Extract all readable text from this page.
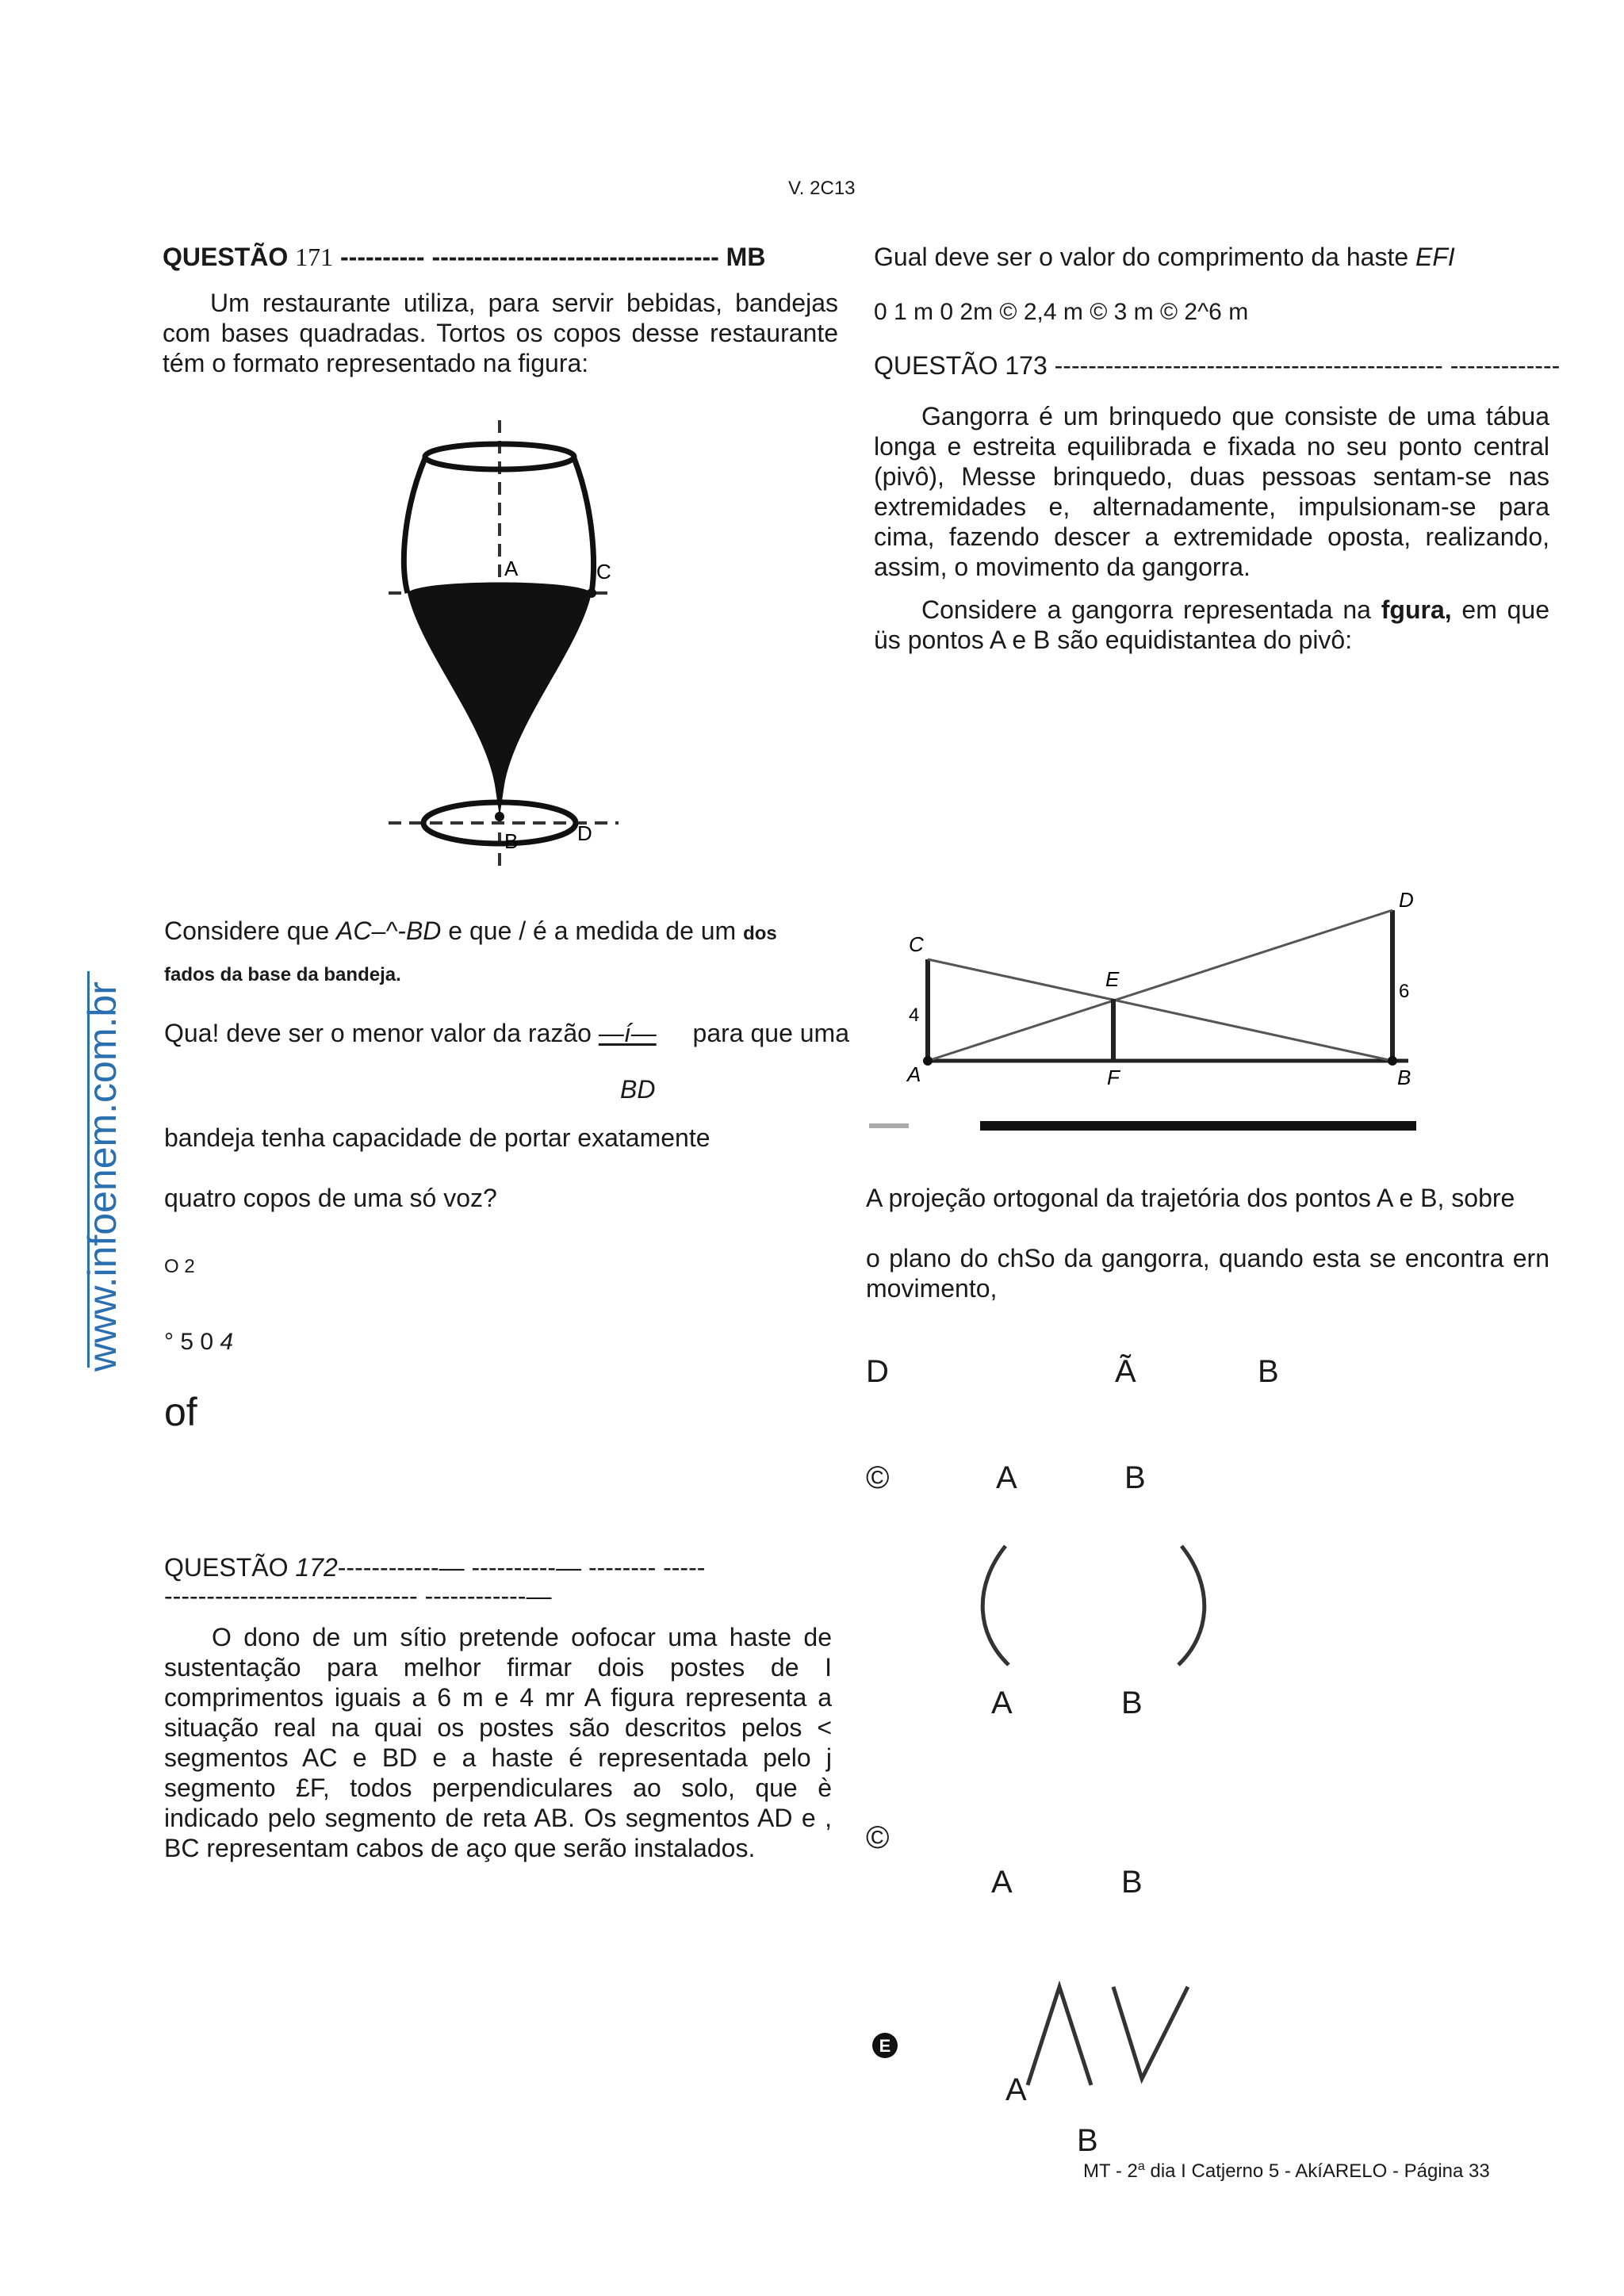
V. 2C13
www.infoenem.com.br
QUESTÃO 171 ---------- ---------------------------------- MB

Um restaurante utiliza, para servir bebidas, bandejas com bases quadradas. Tortos os copos desse restaurante tém o formato representado na figura:

A	C
B	D
Considere que AC–^-BD e que / é a medida de um dos
fados da base da bandeja.
Qua! deve ser o menor valor da razão —í— para que uma
BD
bandeja tenha capacidade de portar exatamente
quatro copos de uma só voz?
O 2
° 5 0 4
of
QUESTÃO 172------------— ----------— -------- -----
------------------------------ ------------—

O dono de um sítio pretende oofocar uma haste de sustentação para melhor firmar dois postes de I comprimentos iguais a 6 m e 4 mr A figura representa a situação real na quai os postes são descritos pelos < segmentos AC e BD e a haste é representada pelo j segmento £F, todos perpendiculares ao solo, que è indicado pelo segmento de reta AB. Os segmentos AD e , BC representam cabos de aço que serão instalados.

Gual deve ser o valor do comprimento da haste EFI
0 1 m 0 2m © 2,4 m © 3 m © 2^6 m
QUESTÃO 173 ---------------------------------------------- -------------

Gangorra é um brinquedo que consiste de uma tábua longa e estreita equilibrada e fixada no seu ponto central (pivô), Messe brinquedo, duas pessoas sentam-se nas extremidades e, alternadamente, impulsionam-se para cima, fazendo descer a extremidade oposta, realizando, assim, o movimento da gangorra.

Considere a gangorra representada na fgura, em que üs pontos A e B são equidistantea do pivô:

C
D
E
A	F	B
4
6

A projeção ortogonal da trajetória dos pontos A e B, sobre

o plano do chSo da gangorra, quando esta se encontra ern movimento,

D	Ã	B
©	A	B
A	B
©
A	B
E
A
B
MT - 2$^a$ dia I Catjerno 5 - AkíARELO - Página 33
